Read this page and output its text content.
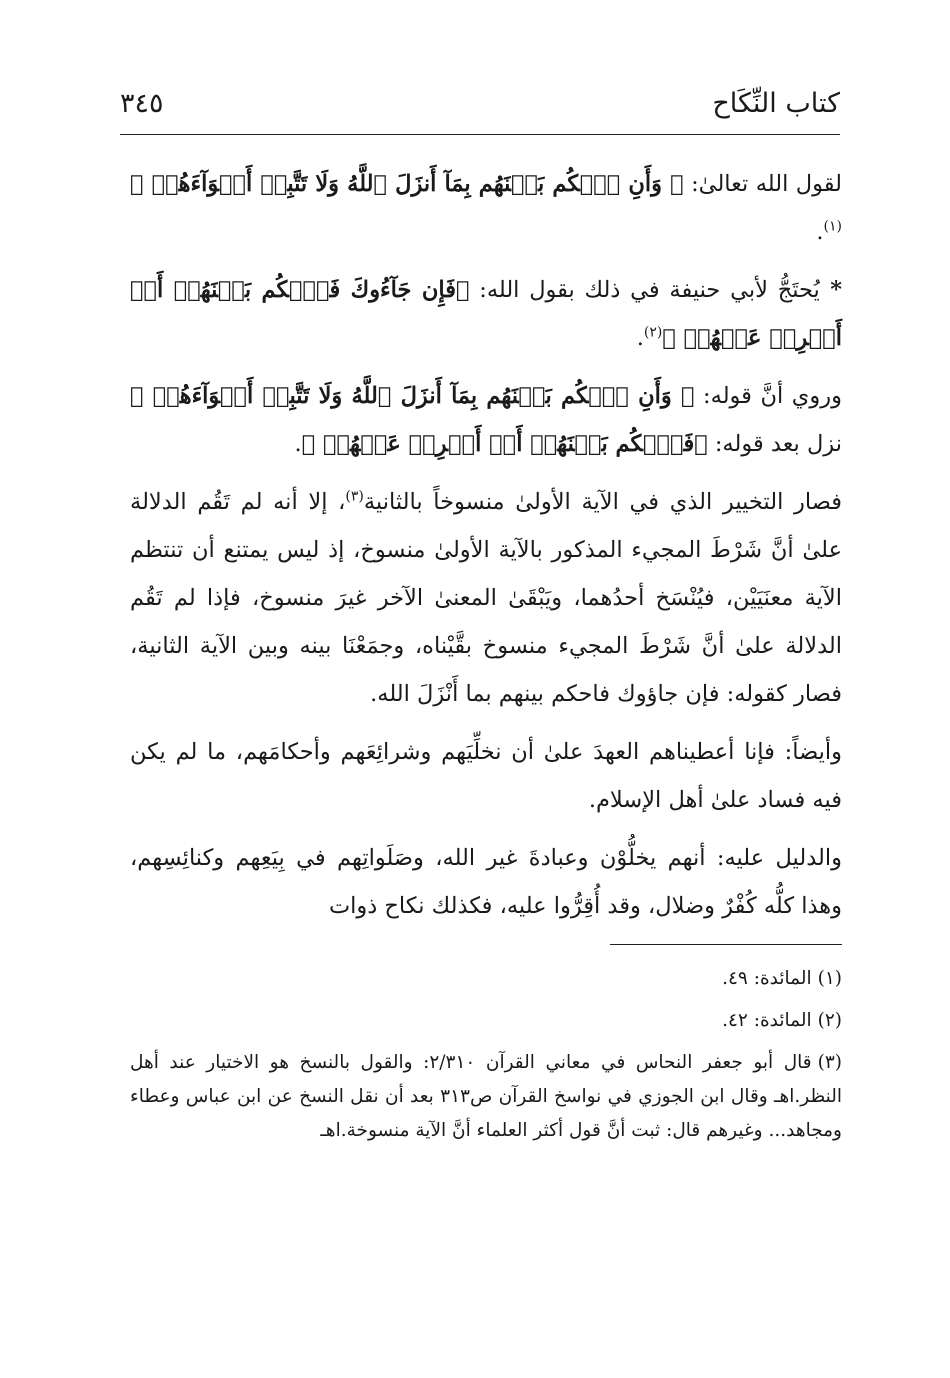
كتاب النِّكَاح
٣٤٥

لقول الله تعالىٰ: ﴿ وَأَنِ ٱحۡكُم بَيۡنَهُم بِمَآ أَنزَلَ ٱللَّهُ وَلَا تَتَّبِعۡ أَهۡوَآءَهُمۡ ﴾$^{(١)}$.

* يُحتَجُّ لأبي حنيفة في ذلك بقول الله: ﴿فَإِن جَآءُوكَ فَٱحۡكُم بَيۡنَهُمۡ أَوۡ أَعۡرِضۡ عَنۡهُمۡ ﴾$^{(٢)}$.

وروي أنَّ قوله: ﴿ وَأَنِ ٱحۡكُم بَيۡنَهُم بِمَآ أَنزَلَ ٱللَّهُ وَلَا تَتَّبِعۡ أَهۡوَآءَهُمۡ ﴾ نزل بعد قوله: ﴿فَٱحۡكُم بَيۡنَهُمۡ أَوۡ أَعۡرِضۡ عَنۡهُمۡ ﴾.

فصار التخيير الذي في الآية الأولىٰ منسوخاً بالثانية$^{(٣)}$، إلا أنه لم تَقُم الدلالة علىٰ أنَّ شَرْطَ المجيء المذكور بالآية الأولىٰ منسوخ، إذ ليس يمتنع أن تنتظم الآية معنَيَيْن، فيُنْسَخ أحدُهما، ويَبْقَىٰ المعنىٰ الآخر غيرَ منسوخ، فإذا لم تَقُم الدلالة علىٰ أنَّ شَرْطَ المجيء منسوخ بقَّيْناه، وجمَعْنَا بينه وبين الآية الثانية، فصار كقوله: فإن جاؤوك فاحكم بينهم بما أَنْزَلَ الله.

وأيضاً: فإنا أعطيناهم العهدَ علىٰ أن نخلِّيَهم وشرائِعَهم وأحكامَهم، ما لم يكن فيه فساد علىٰ أهل الإسلام.

والدليل عليه: أنهم يخلُّوْن وعبادةَ غير الله، وصَلَواتِهم في بِيَعِهم وكنائِسِهم، وهذا كلُّه كُفْرٌ وضلال، وقد أُقِرُّوا عليه، فكذلك نكاح ذوات

(١)المائدة: ٤٩.

(٢)المائدة: ٤٢.

(٣)قال أبو جعفر النحاس في معاني القرآن ٢/٣١٠: والقول بالنسخ هو الاختيار عند أهل النظر.اهـ وقال ابن الجوزي في نواسخ القرآن ص٣١٣ بعد أن نقل النسخ عن ابن عباس وعطاء ومجاهد... وغيرهم قال: ثبت أنَّ قول أكثر العلماء أنَّ الآية منسوخة.اهـ
